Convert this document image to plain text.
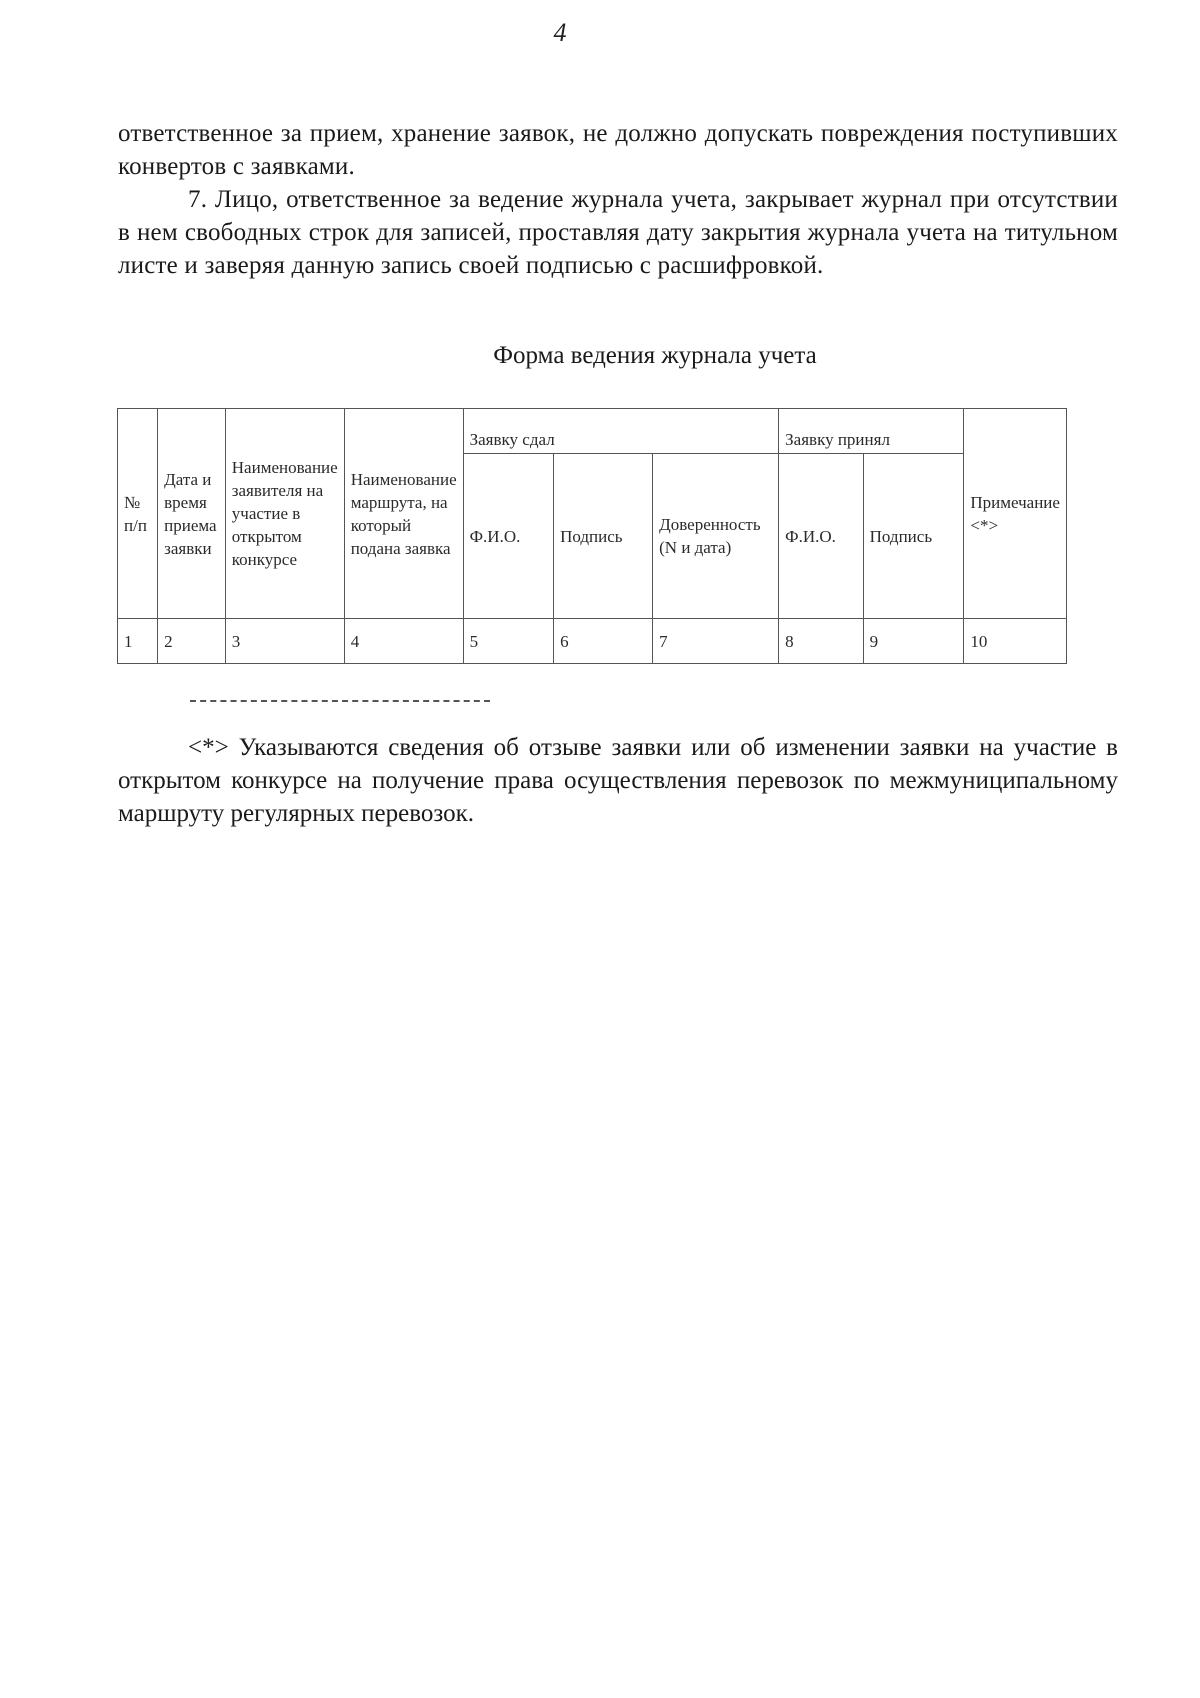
4
ответственное за прием, хранение заявок, не должно допускать повреждения поступивших конвертов с заявками.
7. Лицо, ответственное за ведение журнала учета, закрывает журнал при отсутствии в нем свободных строк для записей, проставляя дату закрытия журнала учета на титульном листе и заверяя данную запись своей подписью с расшифровкой.
Форма ведения журнала учета
№ п/п	Дата и время приема заявки	Наименование заявителя на участие в открытом конкурсе	Наименование маршрута, на который подана заявка	Заявку сдал			Заявку принял		Примечание <*>
				Ф.И.О.	Подпись	Доверенность (N и дата)	Ф.И.О.	Подпись	
1	2	3	4	5	6	7	8	9	10
<*> Указываются сведения об отзыве заявки или об изменении заявки на участие в открытом конкурсе на получение права осуществления перевозок по межмуниципальному маршруту регулярных перевозок.
